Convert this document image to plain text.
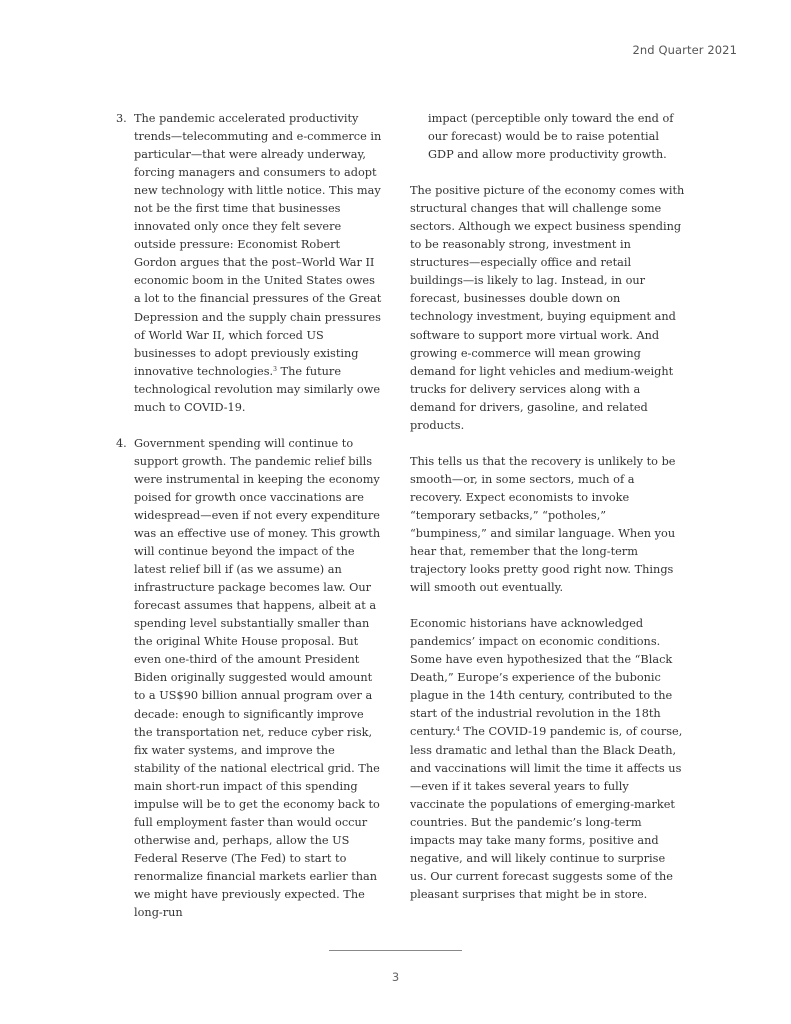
2nd Quarter 2021
3. The pandemic accelerated productivity trends—telecommuting and e-commerce in particular—that were already underway, forcing managers and consumers to adopt new technology with little notice. This may not be the first time that businesses innovated only once they felt severe outside pressure: Economist Robert Gordon argues that the post–World War II economic boom in the United States owes a lot to the financial pressures of the Great Depression and the supply chain pressures of World War II, which forced US businesses to adopt previously existing innovative technologies.$^3$ The future technological revolution may similarly owe much to COVID-19.

4. Government spending will continue to support growth. The pandemic relief bills were instrumental in keeping the economy poised for growth once vaccinations are widespread—even if not every expenditure was an effective use of money. This growth will continue beyond the impact of the latest relief bill if (as we assume) an infrastructure package becomes law. Our forecast assumes that happens, albeit at a spending level substantially smaller than the original White House proposal. But even one-third of the amount President Biden originally suggested would amount to a US$90 billion annual program over a decade: enough to significantly improve the transportation net, reduce cyber risk, fix water systems, and improve the stability of the national electrical grid. The main short-run impact of this spending impulse will be to get the economy back to full employment faster than would occur otherwise and, perhaps, allow the US Federal Reserve (The Fed) to start to renormalize financial markets earlier than we might have previously expected. The long-run

impact (perceptible only toward the end of our forecast) would be to raise potential GDP and allow more productivity growth.

The positive picture of the economy comes with structural changes that will challenge some sectors. Although we expect business spending to be reasonably strong, investment in structures—especially office and retail buildings—is likely to lag. Instead, in our forecast, businesses double down on technology investment, buying equipment and software to support more virtual work. And growing e-commerce will mean growing demand for light vehicles and medium-weight trucks for delivery services along with a demand for drivers, gasoline, and related products.

This tells us that the recovery is unlikely to be smooth—or, in some sectors, much of a recovery. Expect economists to invoke “temporary setbacks,” “potholes,” “bumpiness,” and similar language. When you hear that, remember that the long-term trajectory looks pretty good right now. Things will smooth out eventually.

Economic historians have acknowledged pandemics’ impact on economic conditions. Some have even hypothesized that the “Black Death,” Europe’s experience of the bubonic plague in the 14th century, contributed to the start of the industrial revolution in the 18th century.$^4$ The COVID-19 pandemic is, of course, less dramatic and lethal than the Black Death, and vaccinations will limit the time it affects us—even if it takes several years to fully vaccinate the populations of emerging-market countries. But the pandemic’s long-term impacts may take many forms, positive and negative, and will likely continue to surprise us. Our current forecast suggests some of the pleasant surprises that might be in store.

3
